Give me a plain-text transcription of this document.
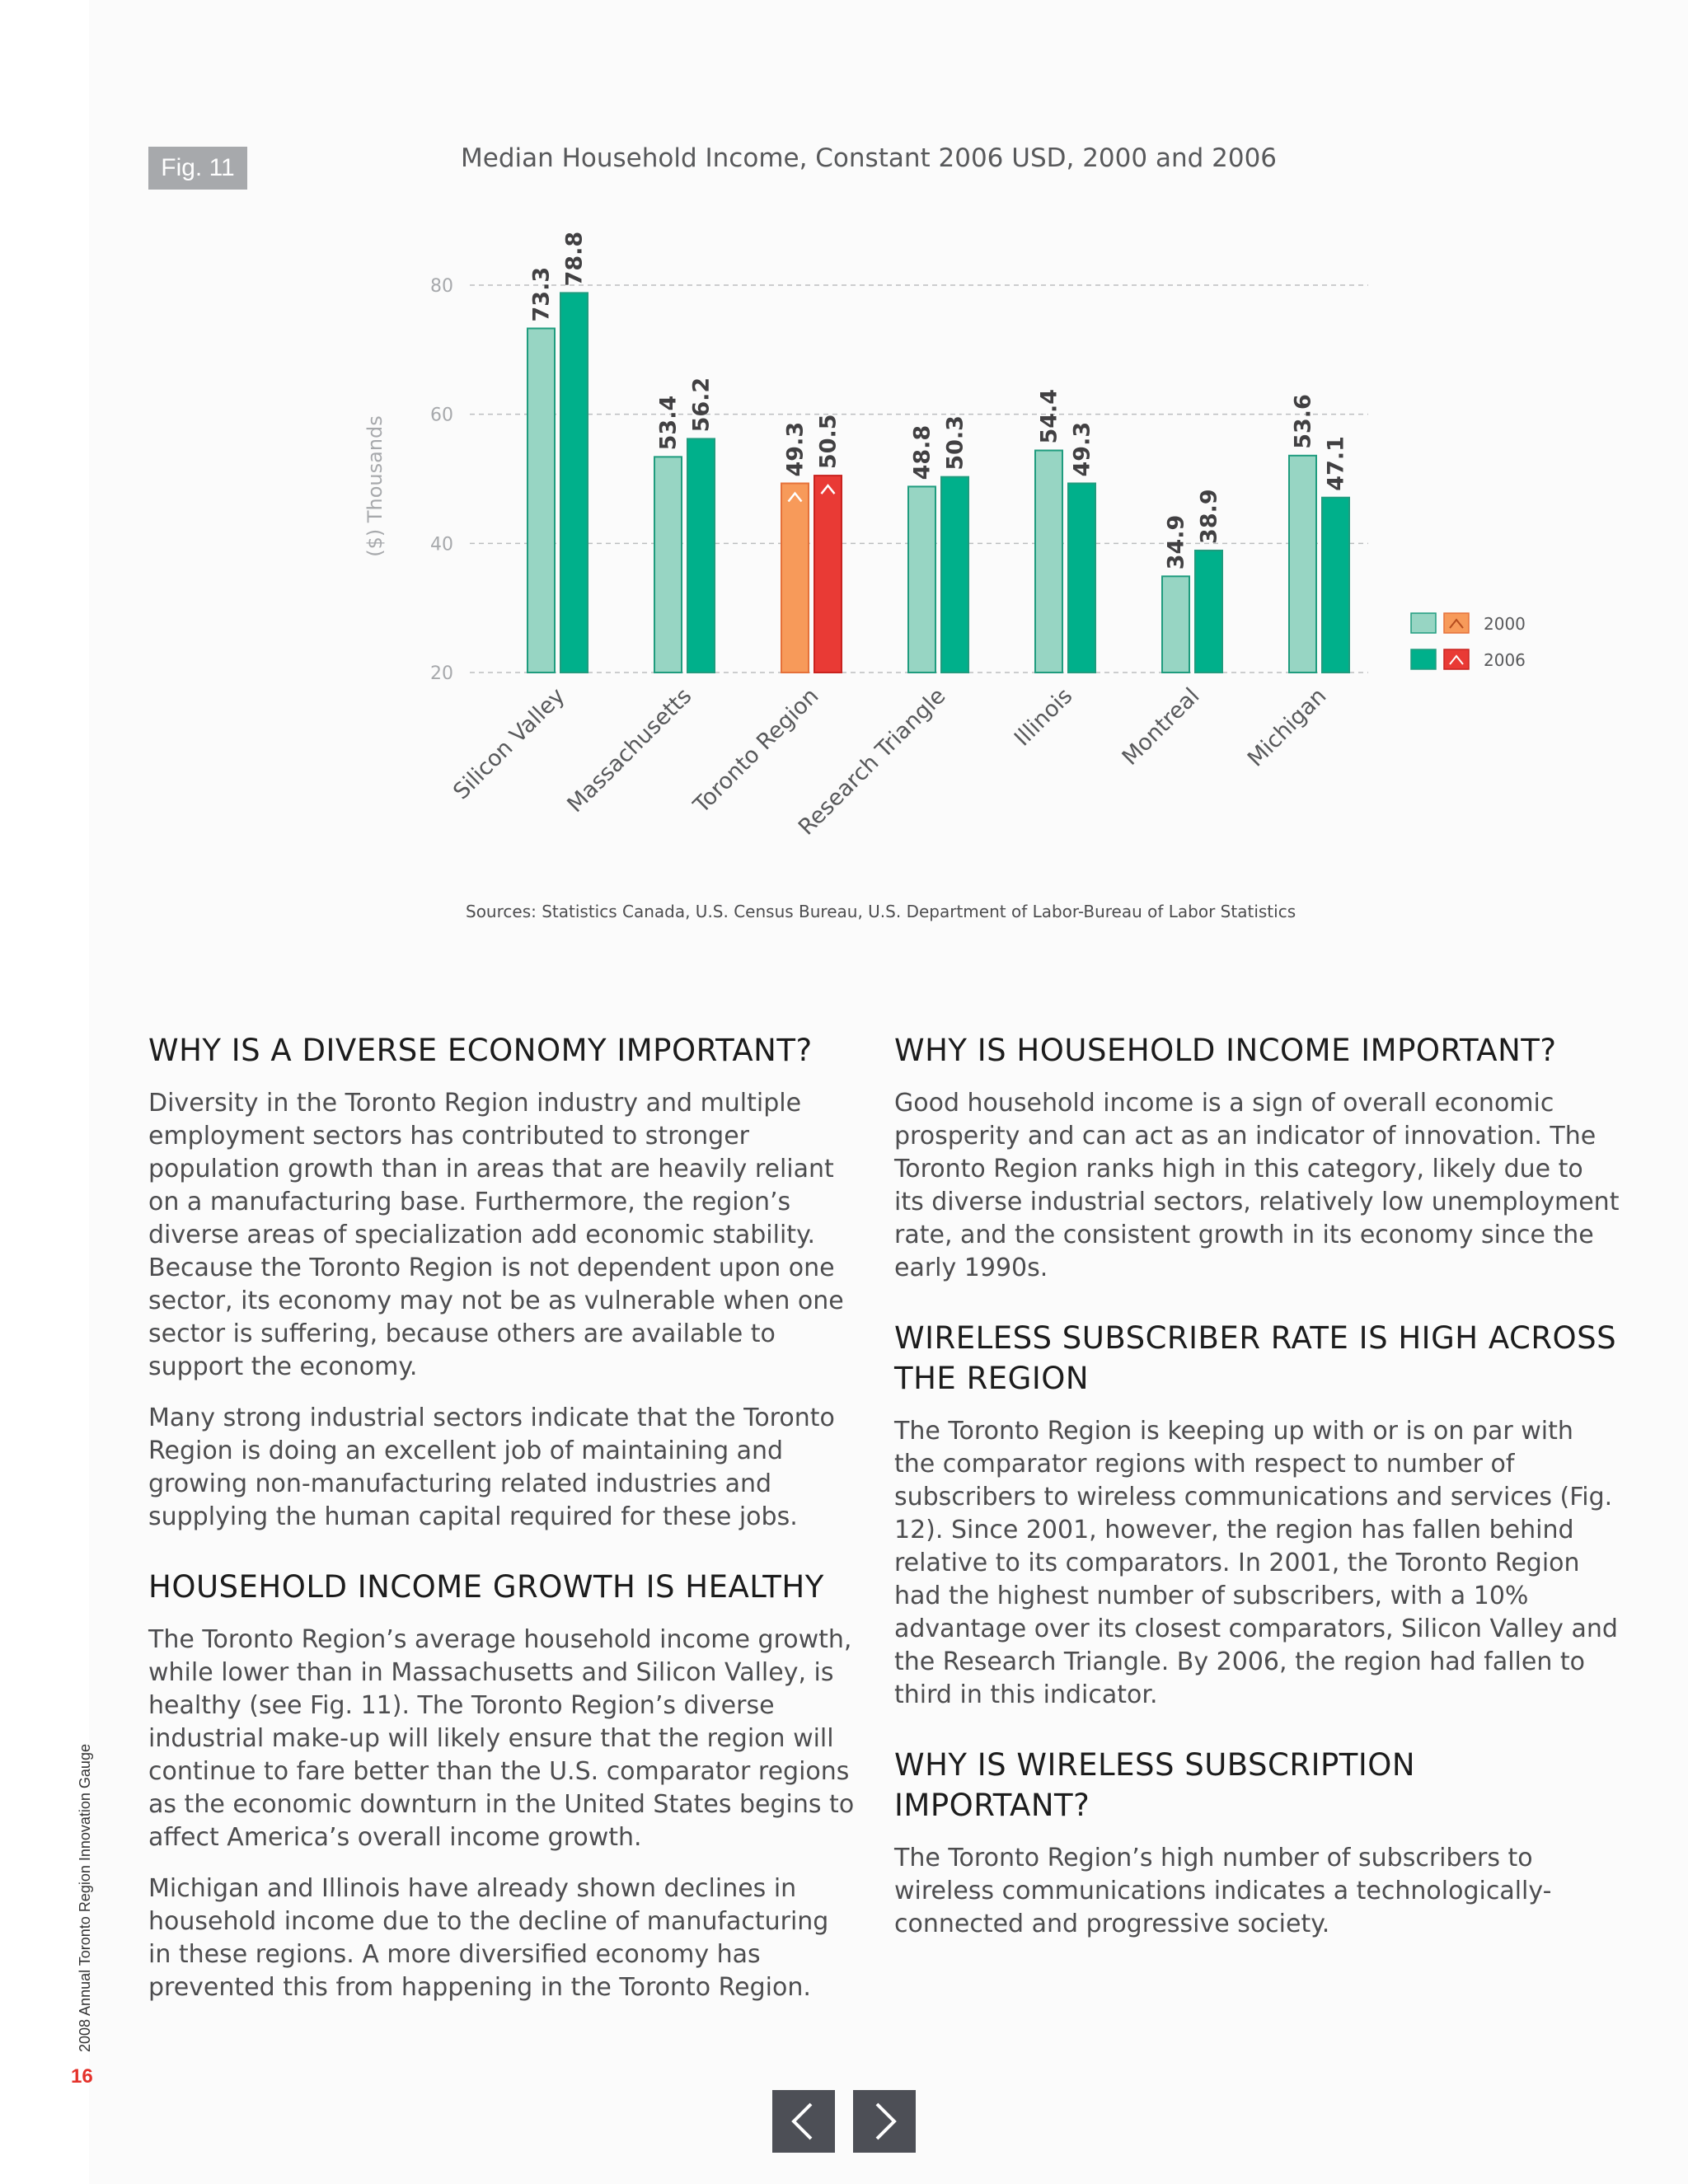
Fig. 11	Median Household Income, Constant 2006 USD, 2000 and 2006
20
40
60
80
($) Thousands
73.3
78.8
Silicon Valley
53.4 56.2
Massachusetts
49.3 50.5
Toronto Region
48.8 50.3
Research Triangle
54.4
49.3
Illinois
34.9 38.9
Montreal
53.6
47.1
Michigan
2000
2006
Sources: Statistics Canada, U.S. Census Bureau, U.S. Department of Labor-Bureau of Labor Statistics
WHY IS A DIVERSE ECONOMY IMPORTANT?

Diversity in the Toronto Region industry and multiple employment sectors has contributed to stronger population growth than in areas that are heavily reliant on a manufacturing base. Furthermore, the region’s diverse areas of specialization add economic stability. Because the Toronto Region is not dependent upon one sector, its economy may not be as vulnerable when one sector is suffering, because others are available to support the economy.

Many strong industrial sectors indicate that the Toronto Region is doing an excellent job of maintaining and growing non-manufacturing related industries and supplying the human capital required for these jobs.

HOUSEHOLD INCOME GROWTH IS HEALTHY

The Toronto Region’s average household income growth, while lower than in Massachusetts and Silicon Valley, is healthy (see Fig. 11). The Toronto Region’s diverse industrial make-up will likely ensure that the region will continue to fare better than the U.S. comparator regions as the economic downturn in the United States begins to affect America’s overall income growth.

Michigan and Illinois have already shown declines in household income due to the decline of manufacturing in these regions. A more diversified economy has prevented this from happening in the Toronto Region.

WHY IS HOUSEHOLD INCOME IMPORTANT?

Good household income is a sign of overall economic prosperity and can act as an indicator of innovation. The Toronto Region ranks high in this category, likely due to its diverse industrial sectors, relatively low unemployment rate, and the consistent growth in its economy since the early 1990s.

WIRELESS SUBSCRIBER RATE IS HIGH ACROSS THE REGION

The Toronto Region is keeping up with or is on par with the comparator regions with respect to number of subscribers to wireless communications and services (Fig. 12). Since 2001, however, the region has fallen behind relative to its comparators. In 2001, the Toronto Region had the highest number of subscribers, with a 10% advantage over its closest comparators, Silicon Valley and the Research Triangle. By 2006, the region had fallen to third in this indicator.

WHY IS WIRELESS SUBSCRIPTION IMPORTANT?

The Toronto Region’s high number of subscribers to wireless communications indicates a technologically-connected and progressive society.

2008 Annual Toronto Region Innovation Gauge
16
